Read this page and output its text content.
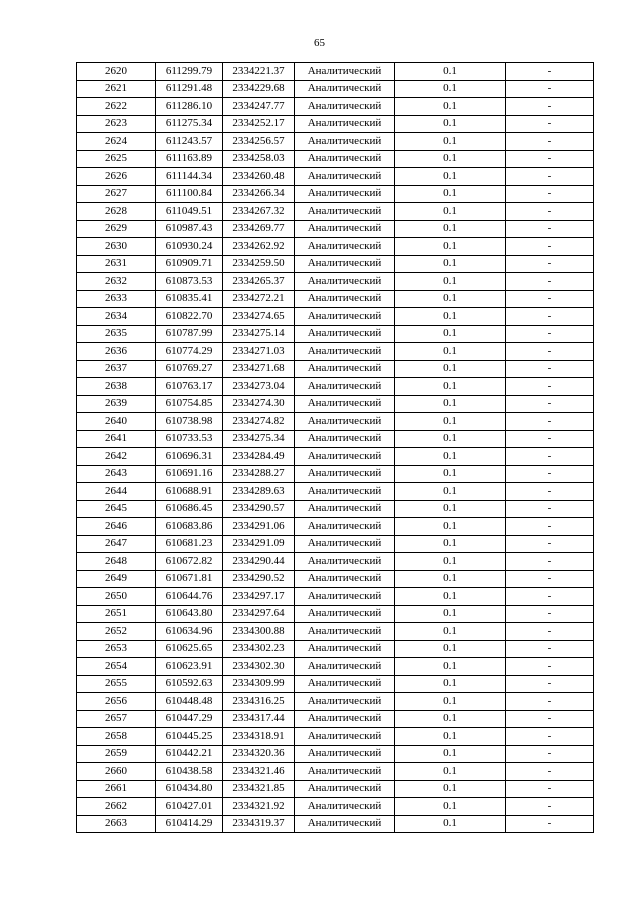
65
2620	611299.79	2334221.37	Аналитический	0.1	-
2621	611291.48	2334229.68	Аналитический	0.1	-
2622	611286.10	2334247.77	Аналитический	0.1	-
2623	611275.34	2334252.17	Аналитический	0.1	-
2624	611243.57	2334256.57	Аналитический	0.1	-
2625	611163.89	2334258.03	Аналитический	0.1	-
2626	611144.34	2334260.48	Аналитический	0.1	-
2627	611100.84	2334266.34	Аналитический	0.1	-
2628	611049.51	2334267.32	Аналитический	0.1	-
2629	610987.43	2334269.77	Аналитический	0.1	-
2630	610930.24	2334262.92	Аналитический	0.1	-
2631	610909.71	2334259.50	Аналитический	0.1	-
2632	610873.53	2334265.37	Аналитический	0.1	-
2633	610835.41	2334272.21	Аналитический	0.1	-
2634	610822.70	2334274.65	Аналитический	0.1	-
2635	610787.99	2334275.14	Аналитический	0.1	-
2636	610774.29	2334271.03	Аналитический	0.1	-
2637	610769.27	2334271.68	Аналитический	0.1	-
2638	610763.17	2334273.04	Аналитический	0.1	-
2639	610754.85	2334274.30	Аналитический	0.1	-
2640	610738.98	2334274.82	Аналитический	0.1	-
2641	610733.53	2334275.34	Аналитический	0.1	-
2642	610696.31	2334284.49	Аналитический	0.1	-
2643	610691.16	2334288.27	Аналитический	0.1	-
2644	610688.91	2334289.63	Аналитический	0.1	-
2645	610686.45	2334290.57	Аналитический	0.1	-
2646	610683.86	2334291.06	Аналитический	0.1	-
2647	610681.23	2334291.09	Аналитический	0.1	-
2648	610672.82	2334290.44	Аналитический	0.1	-
2649	610671.81	2334290.52	Аналитический	0.1	-
2650	610644.76	2334297.17	Аналитический	0.1	-
2651	610643.80	2334297.64	Аналитический	0.1	-
2652	610634.96	2334300.88	Аналитический	0.1	-
2653	610625.65	2334302.23	Аналитический	0.1	-
2654	610623.91	2334302.30	Аналитический	0.1	-
2655	610592.63	2334309.99	Аналитический	0.1	-
2656	610448.48	2334316.25	Аналитический	0.1	-
2657	610447.29	2334317.44	Аналитический	0.1	-
2658	610445.25	2334318.91	Аналитический	0.1	-
2659	610442.21	2334320.36	Аналитический	0.1	-
2660	610438.58	2334321.46	Аналитический	0.1	-
2661	610434.80	2334321.85	Аналитический	0.1	-
2662	610427.01	2334321.92	Аналитический	0.1	-
2663	610414.29	2334319.37	Аналитический	0.1	-
